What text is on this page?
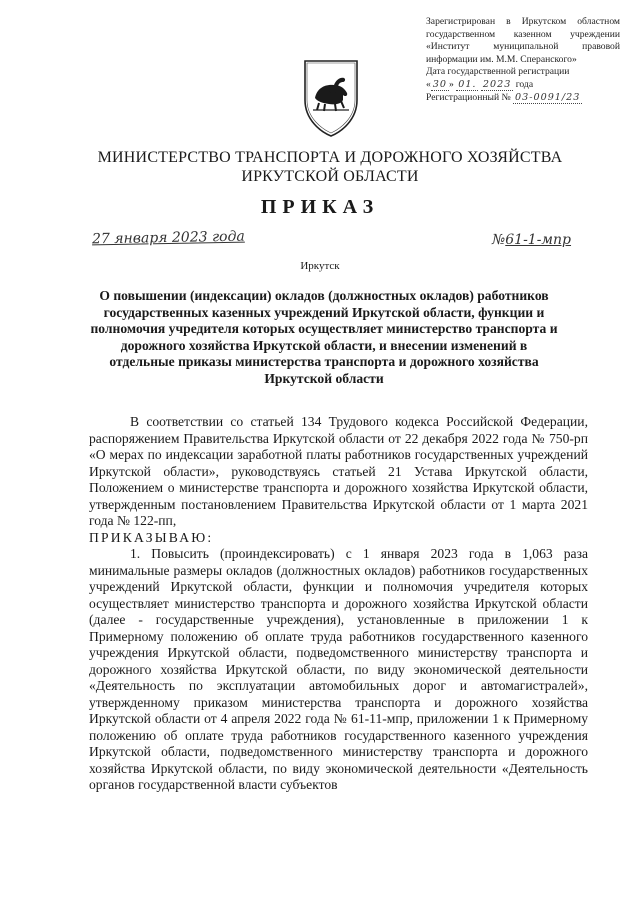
Зарегистрирован в Иркутском областном
государственном казенном учреждении
«Институт муниципальной правовой
информации им. М.М. Сперанского»
Дата государственной регистрации
« 30 » 01. 2023 года
Регистрационный № 03-0091/23
МИНИСТЕРСТВО ТРАНСПОРТА И ДОРОЖНОГО ХОЗЯЙСТВА
ИРКУТСКОЙ ОБЛАСТИ
ПРИКАЗ
27 января 2023 года	№61-1-мпр
Иркутск
О повышении (индексации) окладов (должностных окладов) работников государственных казенных учреждений Иркутской области, функции и полномочия учредителя которых осуществляет министерство транспорта и дорожного хозяйства Иркутской области, и внесении изменений в отдельные приказы министерства транспорта и дорожного хозяйства Иркутской области

В соответствии со статьей 134 Трудового кодекса Российской Федерации, распоряжением Правительства Иркутской области от 22 декабря 2022 года № 750-рп «О мерах по индексации заработной платы работников государственных учреждений Иркутской области», руководствуясь статьей 21 Устава Иркутской области, Положением о министерстве транспорта и дорожного хозяйства Иркутской области, утвержденным постановлением Правительства Иркутской области от 1 марта 2021 года № 122-пп,

ПРИКАЗЫВАЮ:

1. Повысить (проиндексировать) с 1 января 2023 года в 1,063 раза минимальные размеры окладов (должностных окладов) работников государственных учреждений Иркутской области, функции и полномочия учредителя которых осуществляет министерство транспорта и дорожного хозяйства Иркутской области (далее - государственные учреждения), установленные в приложении 1 к Примерному положению об оплате труда работников государственного казенного учреждения Иркутской области, подведомственного министерству транспорта и дорожного хозяйства Иркутской области, по виду экономической деятельности «Деятельность по эксплуатации автомобильных дорог и автомагистралей», утвержденному приказом министерства транспорта и дорожного хозяйства Иркутской области от 4 апреля 2022 года № 61-11-мпр, приложении 1 к Примерному положению об оплате труда работников государственного казенного учреждения Иркутской области, подведомственного министерству транспорта и дорожного хозяйства Иркутской области, по виду экономической деятельности «Деятельность органов государственной власти субъектов
